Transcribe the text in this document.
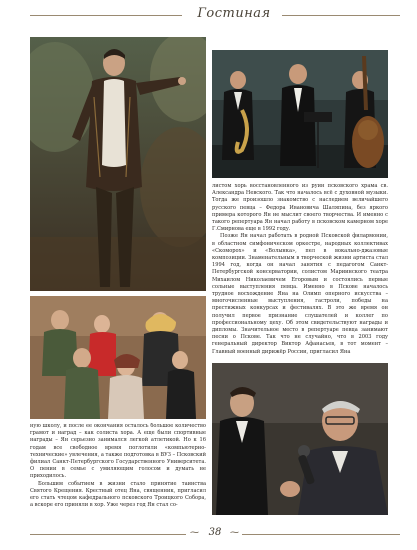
Гостиная

листом хорь восстановленного из руин псковского храма св. Александра Невского. Так что началось всё с духовной музыки. Тогда же произошло знакомство с наследием величайшего русского певца – Федора Ивановича Шаляпина, без яркого примера которого Ян не мыслит своего творчества. И именно с такого репертуара Ян начал работу в псковском камерном хоре Г.Смирнова еще в 1992 году.

Позже Ян начал работать в родной Псковской филармонии, в областном симфоническом оркестре, народных коллективах «Скоморох» и «Волынка», пел в вокально-джазовые композиции. Знаменательным в творческой жизни артиста стал 1994 год, когда он начал занятия с педагогом Санкт-Петербургской консерватории, солистом Мариинского театра Михаилом Николаевичем Егоровым и состоялись первые сольные выступления певца. Именно в Пскове началось трудное восхождение Яна на Олимп оперного искусства – многочисленные выступления, гастроли, победы на престижных конкурсах и фестивалях. В это же время он получил первое признание слушателей и коллег по профессиональному цеху. Об этом свидетельствуют награды и дипломы. Значительное место в репертуаре певца занимают песни о Пскове. Так что не случайно, что в 2003 году генеральный директор Виктор Афанасьев, в тот момент – Главный военный дирижёр России, пригласил Яна

ную школу, и после ее окончания осталось большое количество грамот и наград – как солиста хора. А еще были спортивные награды – Ян серьезно занимался легкой атлетикой. Но к 16 годам все свободное время поглотили «компьютерно-технические» увлечения, а также подготовка в ВУЗ – Псковский филиал Санкт-Петербургского Государственного Университета. О пении в семье с умиляющим голосом и думать не приходилось.

Большим событием в жизни стало принятие таинства Святого Крещения. Крестный отец Яна, священник, пригласил его стать чтецом кафедрального псковского Троицкого Собора, а вскоре его приняли в хор. Уже через год Ян стал со-

⁓ 38 ⁓
